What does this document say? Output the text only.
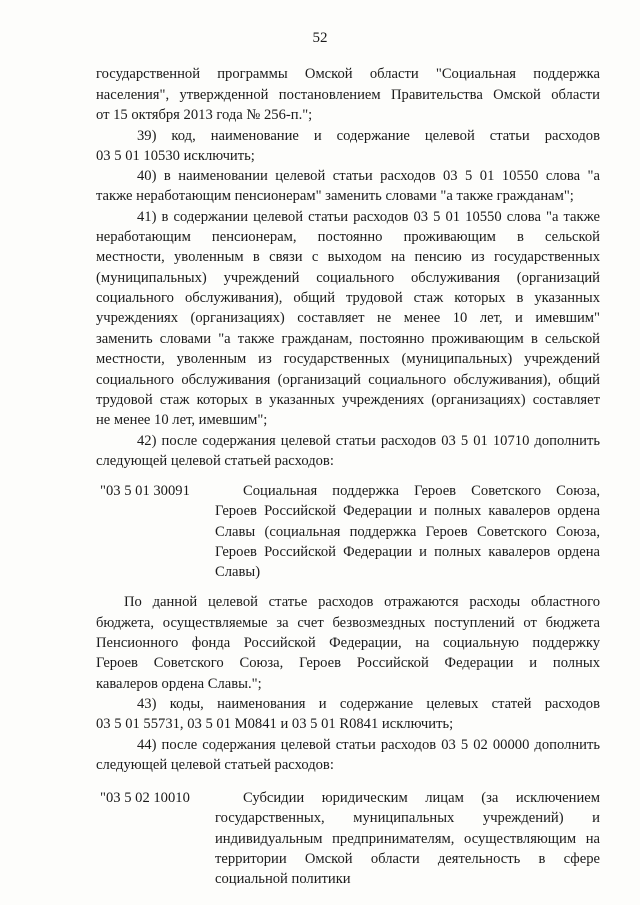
52
государственной программы Омской области "Социальная поддержка
населения", утвержденной постановлением Правительства Омской области
от 15 октября 2013 года № 256-п.";
39) код, наименование и содержание целевой статьи расходов
03 5 01 10530 исключить;
40) в наименовании целевой статьи расходов 03 5 01 10550 слова "а
также неработающим пенсионерам" заменить словами "а также гражданам";
41) в содержании целевой статьи расходов 03 5 01 10550 слова "а также
неработающим пенсионерам, постоянно проживающим в сельской
местности, уволенным в связи с выходом на пенсию из государственных
(муниципальных) учреждений социального обслуживания (организаций
социального обслуживания), общий трудовой стаж которых в указанных
учреждениях (организациях) составляет не менее 10 лет, и имевшим"
заменить словами "а также гражданам, постоянно проживающим в сельской
местности, уволенным из государственных (муниципальных) учреждений
социального обслуживания (организаций социального обслуживания), общий
трудовой стаж которых в указанных учреждениях (организациях) составляет
не менее 10 лет, имевшим";
42) после содержания целевой статьи расходов 03 5 01 10710 дополнить
следующей целевой статьей расходов:
"03 5 01 30091	Социальная поддержка Героев Советского Союза,
Героев Российской Федерации и полных кавалеров ордена
Славы (социальная поддержка Героев Советского Союза,
Героев Российской Федерации и полных кавалеров ордена
Славы)
По данной целевой статье расходов отражаются расходы областного
бюджета, осуществляемые за счет безвозмездных поступлений от бюджета
Пенсионного фонда Российской Федерации, на социальную поддержку
Героев Советского Союза, Героев Российской Федерации и полных
кавалеров ордена Славы.";
43) коды, наименования и содержание целевых статей расходов
03 5 01 55731, 03 5 01 М0841 и 03 5 01 R0841 исключить;
44) после содержания целевой статьи расходов 03 5 02 00000 дополнить
следующей целевой статьей расходов:
"03 5 02 10010	Субсидии юридическим лицам (за исключением
государственных, муниципальных учреждений) и
индивидуальным предпринимателям, осуществляющим на
территории Омской области деятельность в сфере
социальной политики
